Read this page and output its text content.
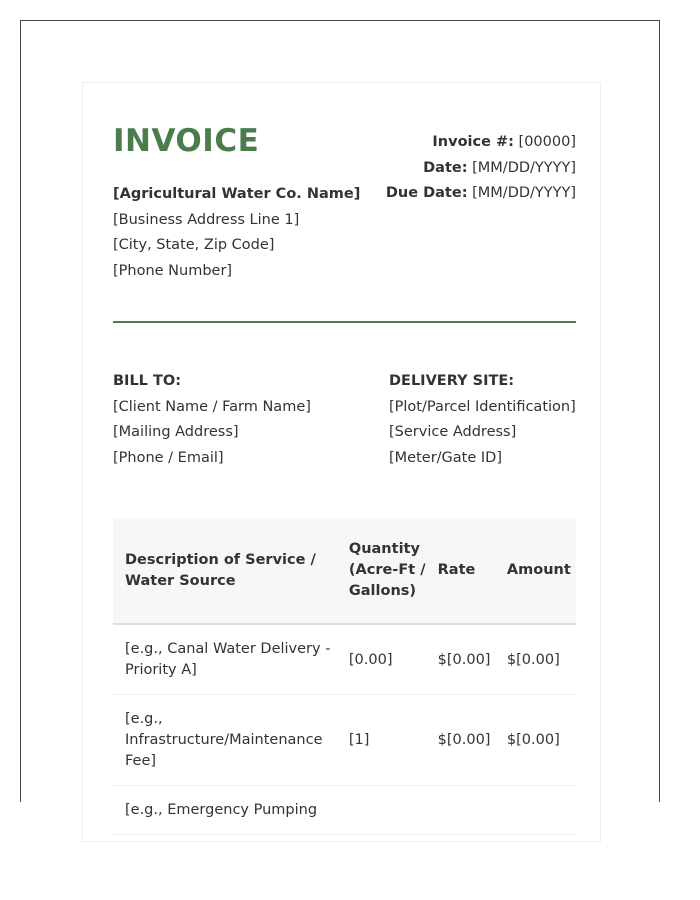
INVOICE
[Agricultural Water Co. Name]
[Business Address Line 1]
[City, State, Zip Code]
[Phone Number]
Invoice #: [00000]
Date: [MM/DD/YYYY]
Due Date: [MM/DD/YYYY]
BILL TO:
[Client Name / Farm Name]
[Mailing Address]
[Phone / Email]
DELIVERY SITE:
[Plot/Parcel Identification]
[Service Address]
[Meter/Gate ID]
Description of Service / Water Source	Quantity (Acre-Ft / Gallons)	Rate	Amount
[e.g., Canal Water Delivery - Priority A]	[0.00]	$[0.00]	$[0.00]
[e.g., Infrastructure/Maintenance Fee]	[1]	$[0.00]	$[0.00]
[e.g., Emergency Pumping			
